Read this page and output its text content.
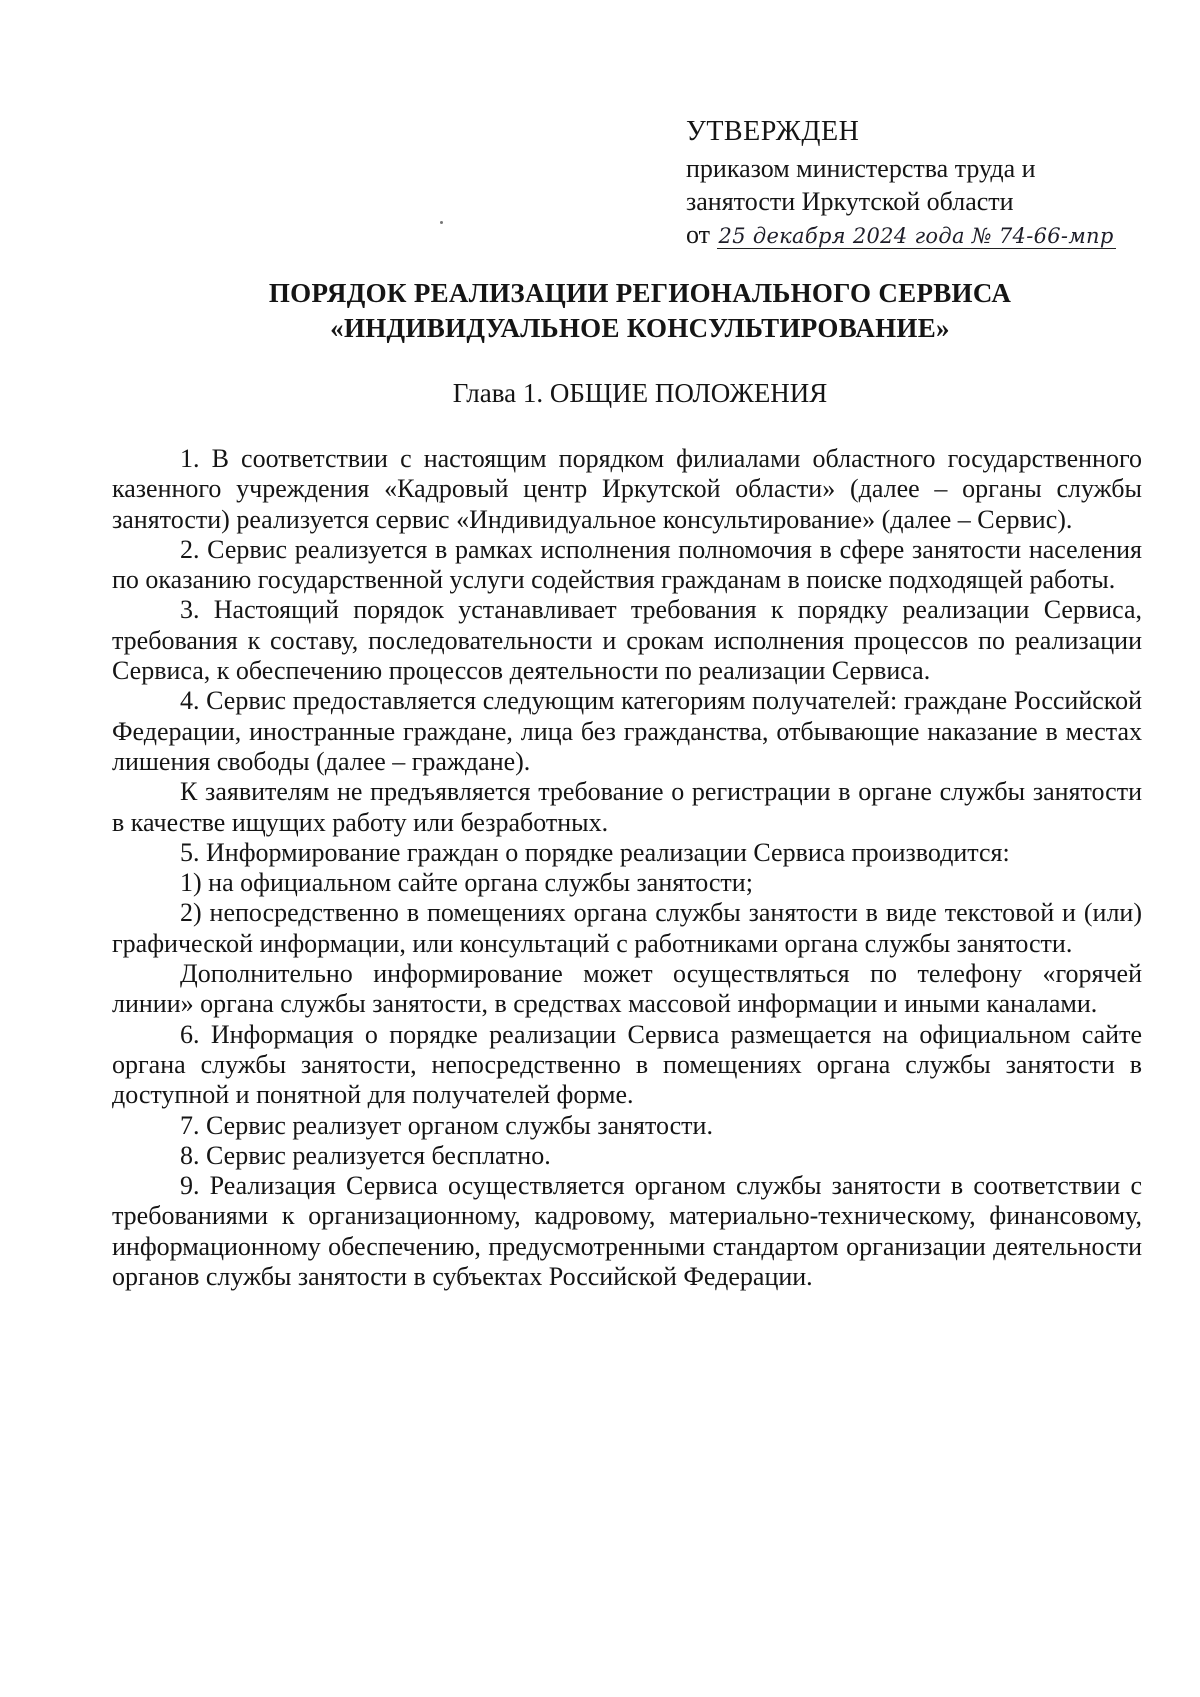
УТВЕРЖДЕН
приказом министерства труда и
занятости Иркутской области
от 25 декабря 2024 года № 74-66-мпр
ПОРЯДОК РЕАЛИЗАЦИИ РЕГИОНАЛЬНОГО СЕРВИСА
«ИНДИВИДУАЛЬНОЕ КОНСУЛЬТИРОВАНИЕ»
Глава 1. ОБЩИЕ ПОЛОЖЕНИЯ

1. В соответствии с настоящим порядком филиалами областного государственного казенного учреждения «Кадровый центр Иркутской области» (далее – органы службы занятости) реализуется сервис «Индивидуальное консультирование» (далее – Сервис).

2. Сервис реализуется в рамках исполнения полномочия в сфере занятости населения по оказанию государственной услуги содействия гражданам в поиске подходящей работы.

3. Настоящий порядок устанавливает требования к порядку реализации Сервиса, требования к составу, последовательности и срокам исполнения процессов по реализации Сервиса, к обеспечению процессов деятельности по реализации Сервиса.

4. Сервис предоставляется следующим категориям получателей: граждане Российской Федерации, иностранные граждане, лица без гражданства, отбывающие наказание в местах лишения свободы (далее – граждане).

К заявителям не предъявляется требование о регистрации в органе службы занятости в качестве ищущих работу или безработных.

5. Информирование граждан о порядке реализации Сервиса производится:

1) на официальном сайте органа службы занятости;

2) непосредственно в помещениях органа службы занятости в виде текстовой и (или) графической информации, или консультаций с работниками органа службы занятости.

Дополнительно информирование может осуществляться по телефону «горячей линии» органа службы занятости, в средствах массовой информации и иными каналами.

6. Информация о порядке реализации Сервиса размещается на официальном сайте органа службы занятости, непосредственно в помещениях органа службы занятости в доступной и понятной для получателей форме.

7. Сервис реализует органом службы занятости.

8. Сервис реализуется бесплатно.

9. Реализация Сервиса осуществляется органом службы занятости в соответствии с требованиями к организационному, кадровому, материально-техническому, финансовому, информационному обеспечению, предусмотренными стандартом организации деятельности органов службы занятости в субъектах Российской Федерации.
